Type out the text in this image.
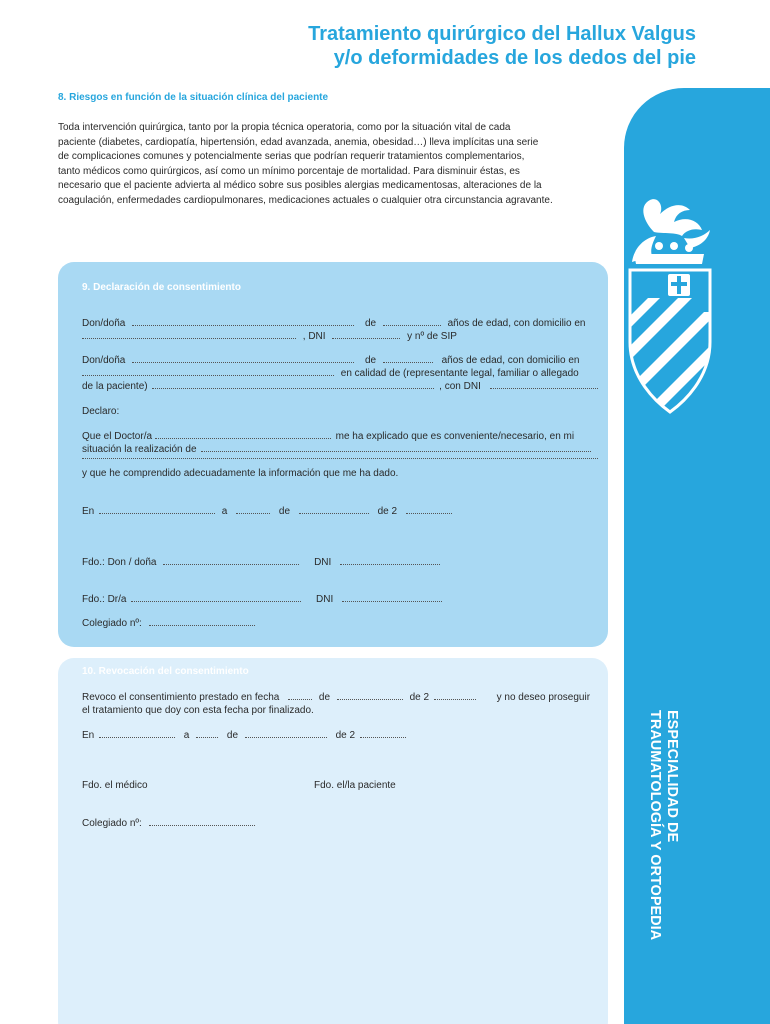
Tratamiento quirúrgico del Hallux Valgus
y/o deformidades de los dedos del pie
8. Riesgos en función de la situación clínica del paciente
Toda intervención quirúrgica, tanto por la propia técnica operatoria, como por la situación vital de cada
paciente (diabetes, cardiopatía, hipertensión, edad avanzada, anemia, obesidad…) lleva implícitas una serie
de complicaciones comunes y potencialmente serias que podrían requerir tratamientos complementarios,
tanto médicos como quirúrgicos, así como un mínimo porcentaje de mortalidad. Para disminuir éstas, es
necesario que el paciente advierta al médico sobre sus posibles alergias medicamentosas, alteraciones de la
coagulación, enfermedades cardiopulmonares, medicaciones actuales o cualquier otra circunstancia agravante.
9. Declaración de consentimiento
Don/doña	de	años de edad, con domicilio en
, DNI	y nº de SIP
Don/doña	de	años de edad, con domicilio en
en calidad de (representante legal, familiar o allegado
de la paciente)	, con DNI
Declaro:
Que el Doctor/a	me ha explicado que es conveniente/necesario, en mi
situación la realización de
y que he comprendido adecuadamente la información que me ha dado.
En	a	de	de 2
Fdo.: Don / doña	DNI
Fdo.: Dr/a	DNI
Colegiado nº:
10. Revocación del consentimiento
Revoco el consentimiento prestado en fecha	de	de 2	y no deseo proseguir
el tratamiento que doy con esta fecha por finalizado.
En	a	de	de 2
Fdo. el médico	Fdo. el/la paciente
Colegiado nº:	ESPECIALIDAD DE
TRAUMATOLOGÍA Y ORTOPEDIA
